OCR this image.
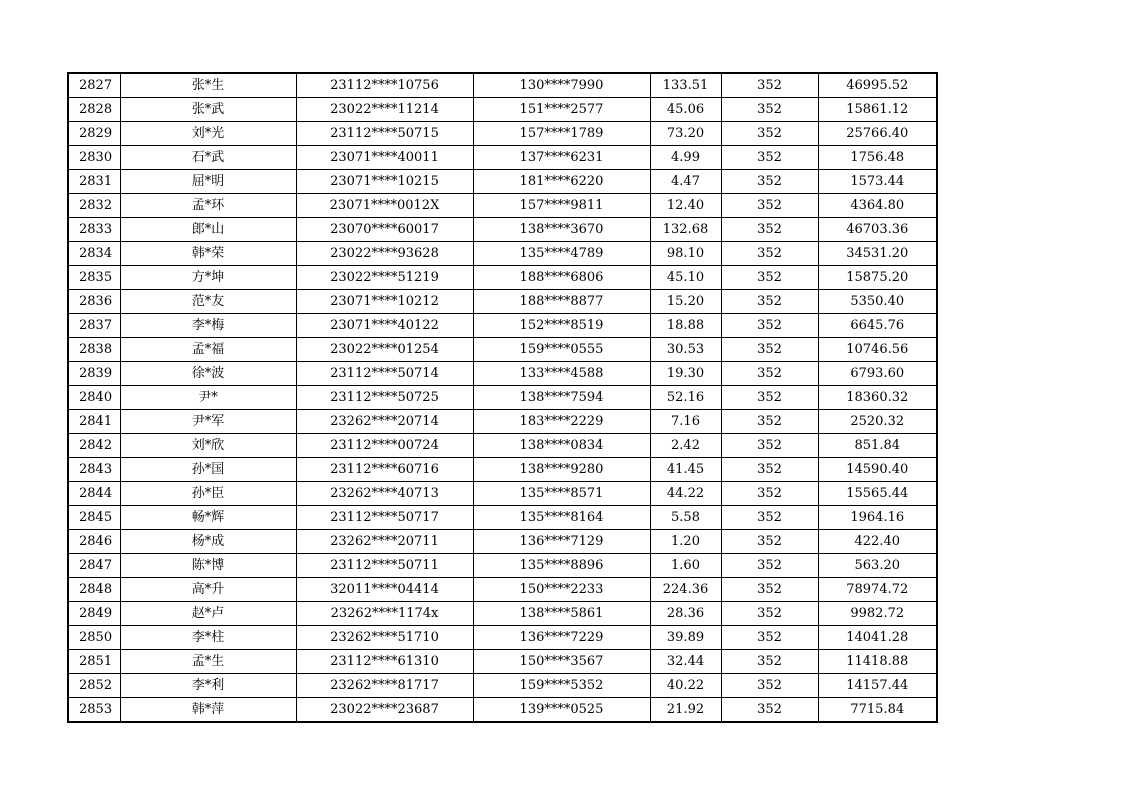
2827	张*生	23112****10756	130****7990	133.51	352	46995.52
2828	张*武	23022****11214	151****2577	45.06	352	15861.12
2829	刘*光	23112****50715	157****1789	73.20	352	25766.40
2830	石*武	23071****40011	137****6231	4.99	352	1756.48
2831	屈*明	23071****10215	181****6220	4.47	352	1573.44
2832	孟*环	23071****0012X	157****9811	12.40	352	4364.80
2833	郎*山	23070****60017	138****3670	132.68	352	46703.36
2834	韩*荣	23022****93628	135****4789	98.10	352	34531.20
2835	方*坤	23022****51219	188****6806	45.10	352	15875.20
2836	范*友	23071****10212	188****8877	15.20	352	5350.40
2837	李*梅	23071****40122	152****8519	18.88	352	6645.76
2838	孟*福	23022****01254	159****0555	30.53	352	10746.56
2839	徐*波	23112****50714	133****4588	19.30	352	6793.60
2840	尹*	23112****50725	138****7594	52.16	352	18360.32
2841	尹*军	23262****20714	183****2229	7.16	352	2520.32
2842	刘*欣	23112****00724	138****0834	2.42	352	851.84
2843	孙*国	23112****60716	138****9280	41.45	352	14590.40
2844	孙*臣	23262****40713	135****8571	44.22	352	15565.44
2845	畅*辉	23112****50717	135****8164	5.58	352	1964.16
2846	杨*成	23262****20711	136****7129	1.20	352	422.40
2847	陈*博	23112****50711	135****8896	1.60	352	563.20
2848	高*升	32011****04414	150****2233	224.36	352	78974.72
2849	赵*卢	23262****1174x	138****5861	28.36	352	9982.72
2850	李*柱	23262****51710	136****7229	39.89	352	14041.28
2851	孟*生	23112****61310	150****3567	32.44	352	11418.88
2852	李*利	23262****81717	159****5352	40.22	352	14157.44
2853	韩*萍	23022****23687	139****0525	21.92	352	7715.84
